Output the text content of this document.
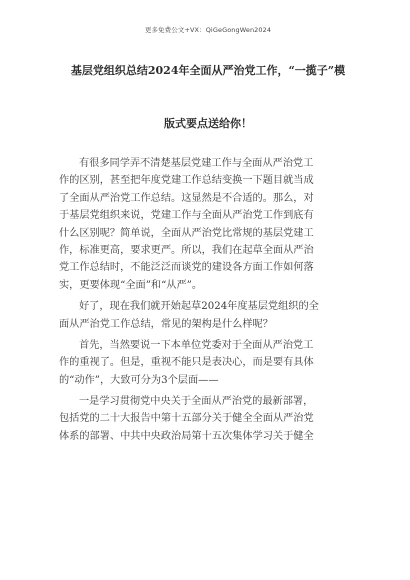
更多免费公文+VX：QiGeGongWen2024
基层党组织总结2024年全面从严治党工作，“一揽子”模
版式要点送给你！
有很多同学弄不清楚基层党建工作与全面从严治党工
作的区别，甚至把年度党建工作总结变换一下题目就当成
了全面从严治党工作总结。这显然是不合适的。那么，对
于基层党组织来说，党建工作与全面从严治党工作到底有
什么区别呢？简单说，全面从严治党比常规的基层党建工
作，标准更高，要求更严。所以，我们在起草全面从严治
党工作总结时，不能泛泛而谈党的建设各方面工作如何落
实，更要体现“全面”和“从严”。
好了，现在我们就开始起草2024年度基层党组织的全
面从严治党工作总结，常见的架构是什么样呢？
首先，当然要说一下本单位党委对于全面从严治党工
作的重视了。但是，重视不能只是表决心，而是要有具体
的“动作”，大致可分为3个层面——
一是学习贯彻党中央关于全面从严治党的最新部署，
包括党的二十大报告中第十五部分关于健全全面从严治党
体系的部署、中共中央政治局第十五次集体学习关于健全
